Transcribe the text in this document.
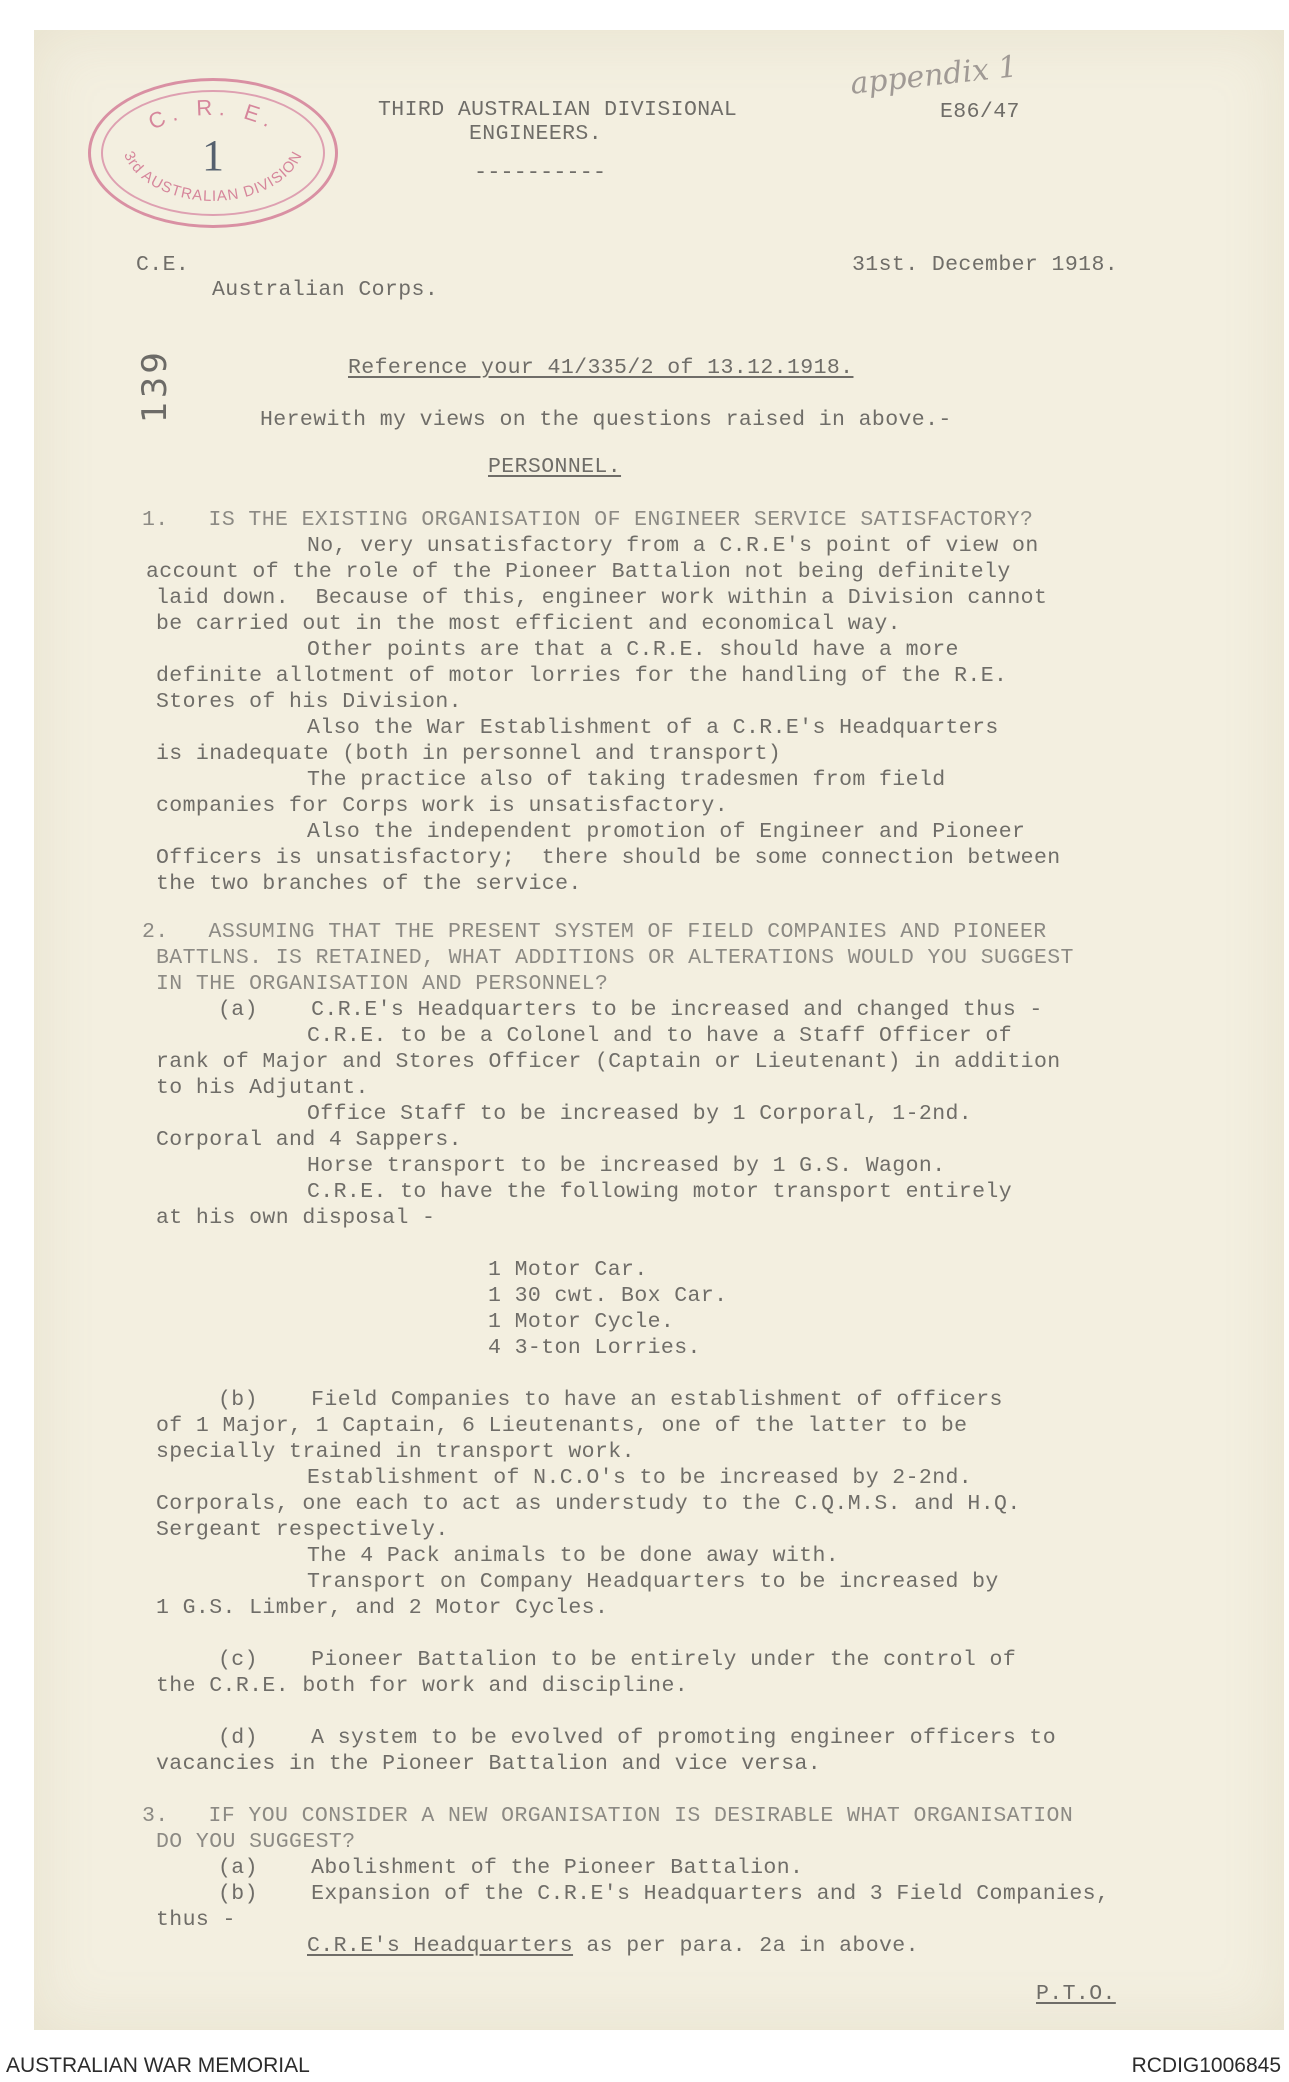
C. R. E.
3rd AUSTRALIAN DIVISION
1
THIRD AUSTRALIAN DIVISIONAL
ENGINEERS.
----------
appendix 1
E86/47
139
C.E.
Australian Corps.
31st. December 1918.
Reference your 41/335/2 of 13.12.1918.
Herewith my views on the questions raised in above.-
PERSONNEL.
1.   IS THE EXISTING ORGANISATION OF ENGINEER SERVICE SATISFACTORY?
No, very unsatisfactory from a C.R.E's point of view on
account of the role of the Pioneer Battalion not being definitely
laid down.  Because of this, engineer work within a Division cannot
be carried out in the most efficient and economical way.
Other points are that a C.R.E. should have a more
definite allotment of motor lorries for the handling of the R.E.
Stores of his Division.
Also the War Establishment of a C.R.E's Headquarters
is inadequate (both in personnel and transport)
The practice also of taking tradesmen from field
companies for Corps work is unsatisfactory.
Also the independent promotion of Engineer and Pioneer
Officers is unsatisfactory;  there should be some connection between
the two branches of the service.
2.   ASSUMING THAT THE PRESENT SYSTEM OF FIELD COMPANIES AND PIONEER
BATTLNS. IS RETAINED, WHAT ADDITIONS OR ALTERATIONS WOULD YOU SUGGEST
IN THE ORGANISATION AND PERSONNEL?
(a)    C.R.E's Headquarters to be increased and changed thus -
C.R.E. to be a Colonel and to have a Staff Officer of
rank of Major and Stores Officer (Captain or Lieutenant) in addition
to his Adjutant.
Office Staff to be increased by 1 Corporal, 1-2nd.
Corporal and 4 Sappers.
Horse transport to be increased by 1 G.S. Wagon.
C.R.E. to have the following motor transport entirely
at his own disposal -
1 Motor Car.
1 30 cwt. Box Car.
1 Motor Cycle.
4 3-ton Lorries.
(b)    Field Companies to have an establishment of officers
of 1 Major, 1 Captain, 6 Lieutenants, one of the latter to be
specially trained in transport work.
Establishment of N.C.O's to be increased by 2-2nd.
Corporals, one each to act as understudy to the C.Q.M.S. and H.Q.
Sergeant respectively.
The 4 Pack animals to be done away with.
Transport on Company Headquarters to be increased by
1 G.S. Limber, and 2 Motor Cycles.
(c)    Pioneer Battalion to be entirely under the control of
the C.R.E. both for work and discipline.
(d)    A system to be evolved of promoting engineer officers to
vacancies in the Pioneer Battalion and vice versa.
3.   IF YOU CONSIDER A NEW ORGANISATION IS DESIRABLE WHAT ORGANISATION
DO YOU SUGGEST?
(a)    Abolishment of the Pioneer Battalion.
(b)    Expansion of the C.R.E's Headquarters and 3 Field Companies,
thus -
C.R.E's Headquarters as per para. 2a in above.
P.T.O.
AUSTRALIAN WAR MEMORIAL	RCDIG1006845
